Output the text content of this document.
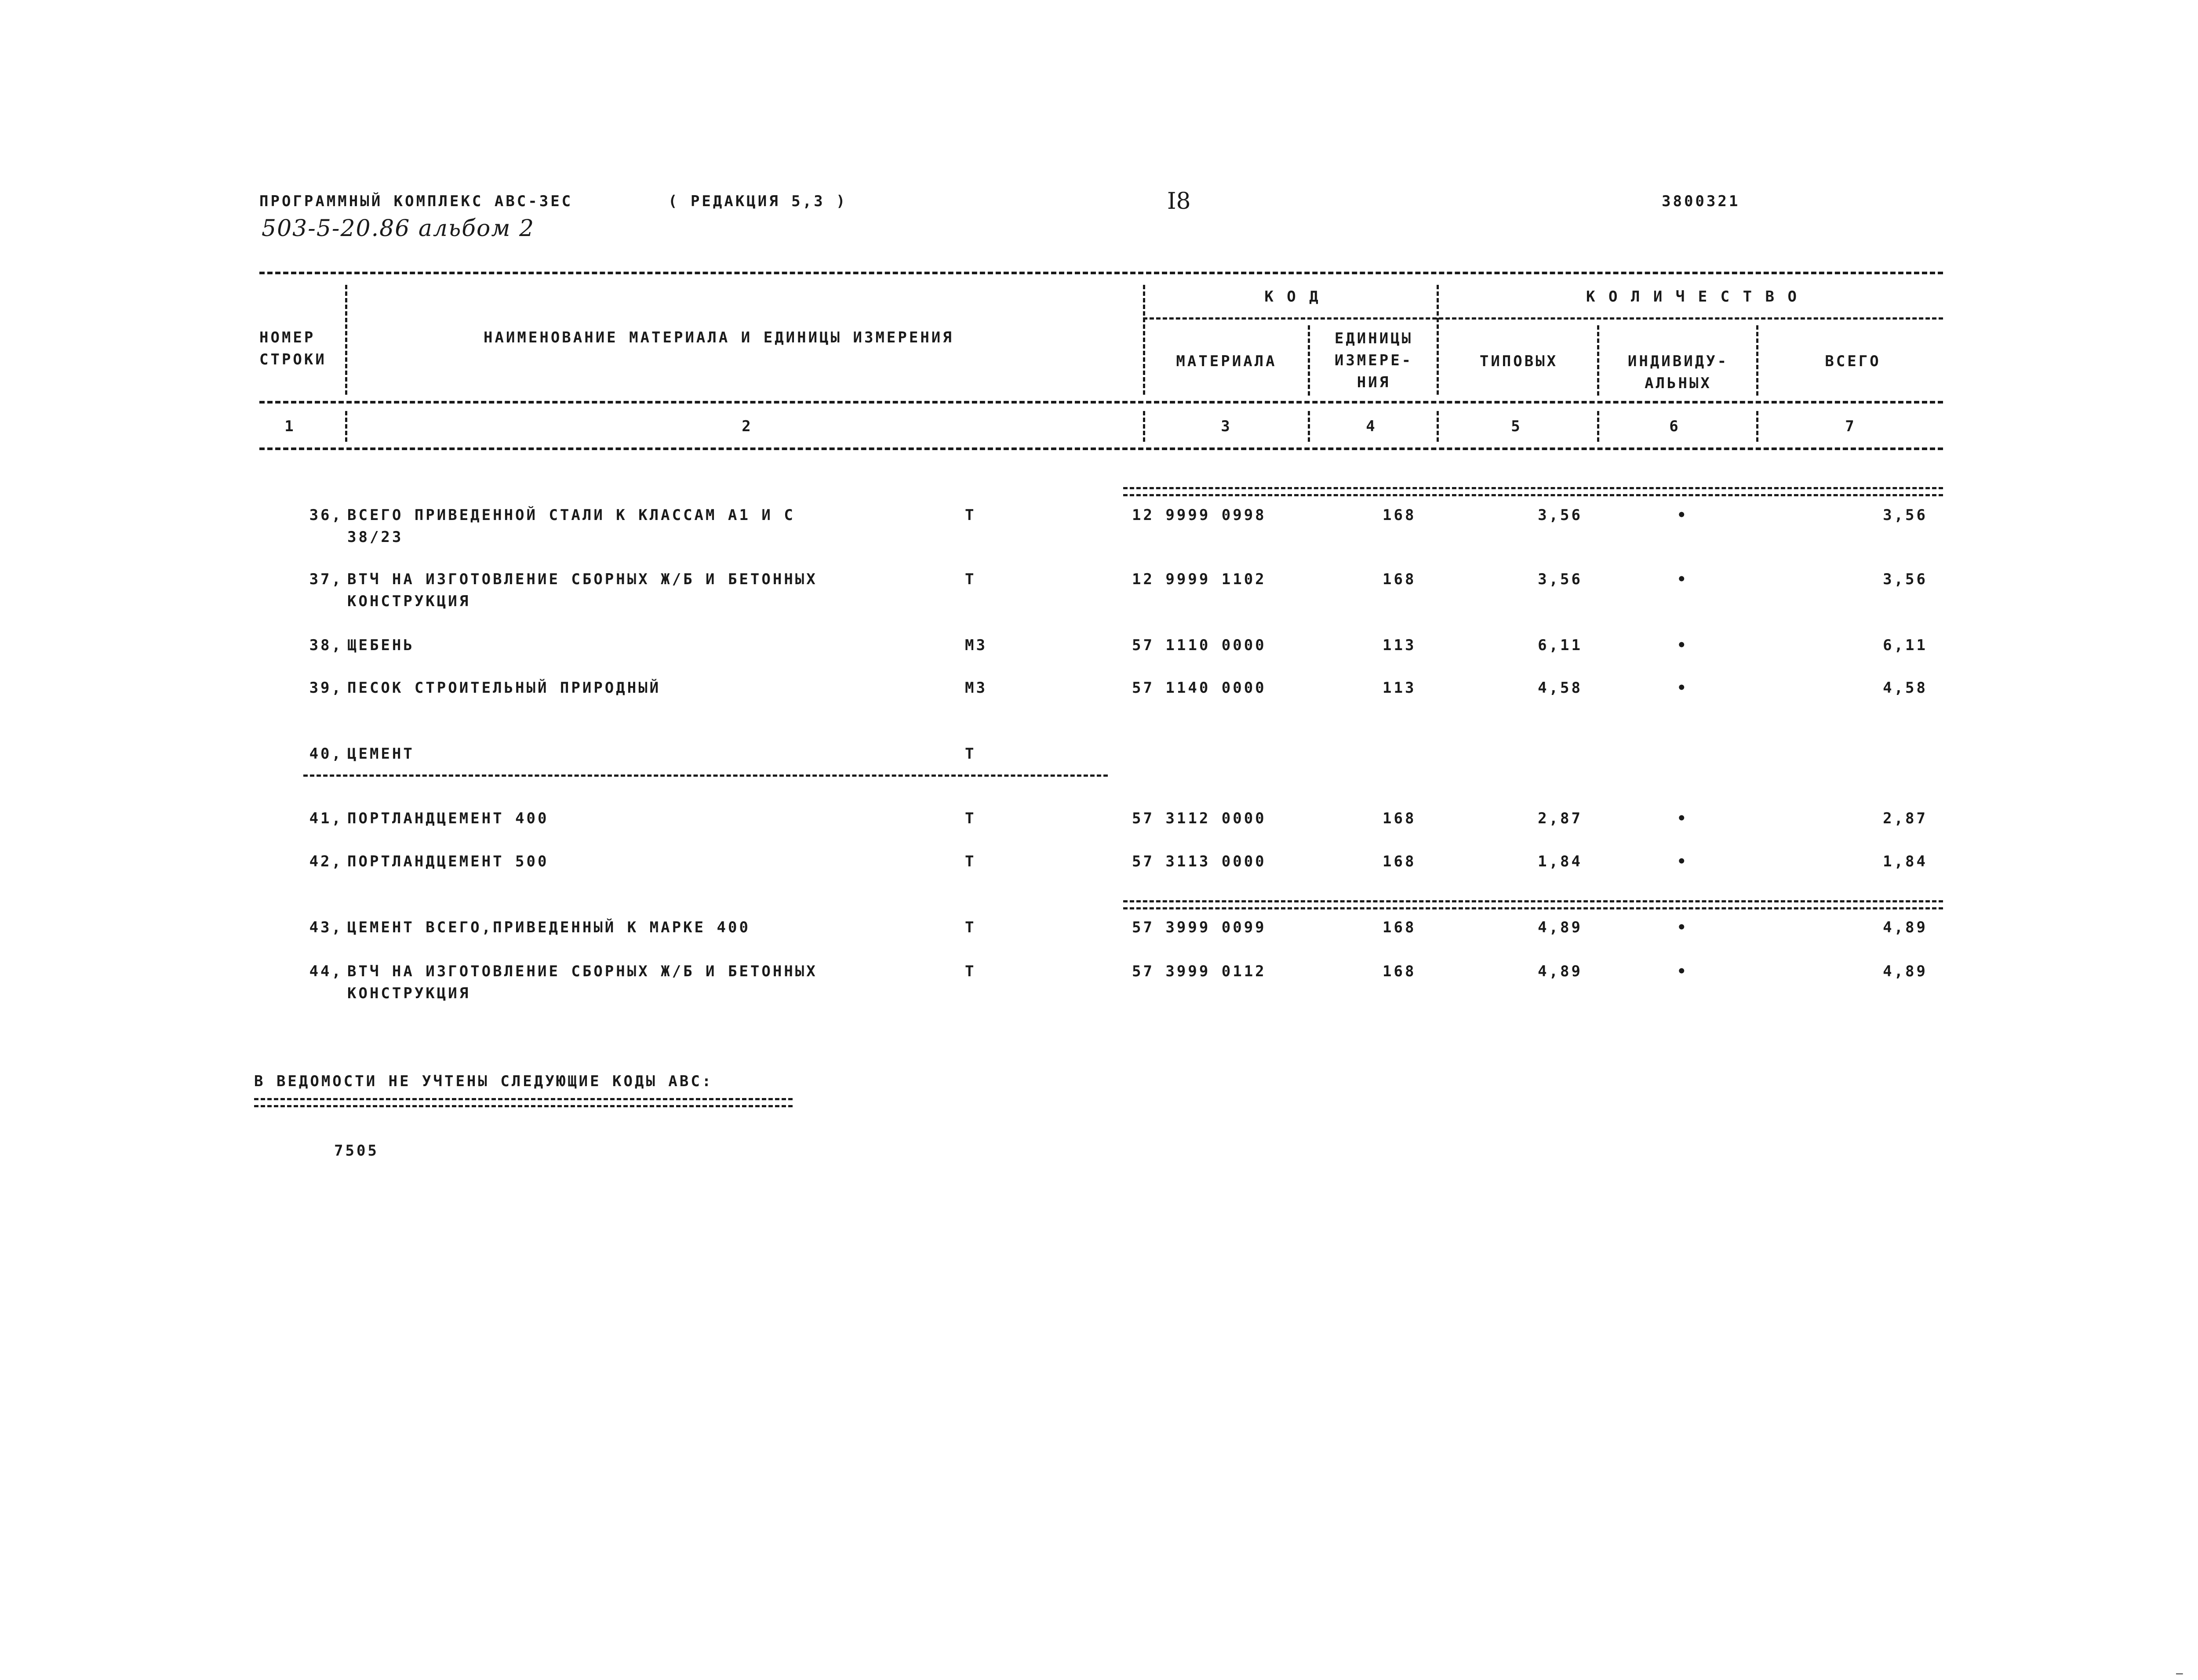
ПРОГРАММНЫЙ КОМПЛЕКС АВС-ЗЕС	( РЕДАКЦИЯ 5,3 )	I8	3800321
503-5-20.86 альбом 2
НОМЕР
СТРОКИ
НАИМЕНОВАНИЕ МАТЕРИАЛА И ЕДИНИЦЫ ИЗМЕРЕНИЯ
К О Д	К О Л И Ч Е С Т В О
МАТЕРИАЛА
ЕДИНИЦЫ
ИЗМЕРЕ-
НИЯ
ТИПОВЫХ	ИНДИВИДУ-
АЛЬНЫХ
ВСЕГО
1	2	3	4	5	6	7
36, ВСЕГО ПРИВЕДЕННОЙ СТАЛИ К КЛАССАМ А1 И С
38/23
Т	12 9999 0998	168	3,56	•	3,56
37, ВТЧ НА ИЗГОТОВЛЕНИЕ СБОРНЫХ Ж/Б И БЕТОННЫХ
КОНСТРУКЦИЯ
Т	12 9999 1102	168	3,56	•	3,56
38, ЩЕБЕНЬ	М3	57 1110 0000	113	6,11	•	6,11
39, ПЕСОК СТРОИТЕЛЬНЫЙ ПРИРОДНЫЙ	М3	57 1140 0000	113	4,58	•	4,58
40, ЦЕМЕНТ	Т
41, ПОРТЛАНДЦЕМЕНТ 400	Т	57 3112 0000	168	2,87	•	2,87
42, ПОРТЛАНДЦЕМЕНТ 500	Т	57 3113 0000	168	1,84	•	1,84
43, ЦЕМЕНТ ВСЕГО,ПРИВЕДЕННЫЙ К МАРКЕ 400	Т	57 3999 0099	168	4,89	•	4,89
44, ВТЧ НА ИЗГОТОВЛЕНИЕ СБОРНЫХ Ж/Б И БЕТОННЫХ
КОНСТРУКЦИЯ
Т	57 3999 0112	168	4,89	•	4,89
В ВЕДОМОСТИ НЕ УЧТЕНЫ СЛЕДУЮЩИЕ КОДЫ АВС:
7505
—
